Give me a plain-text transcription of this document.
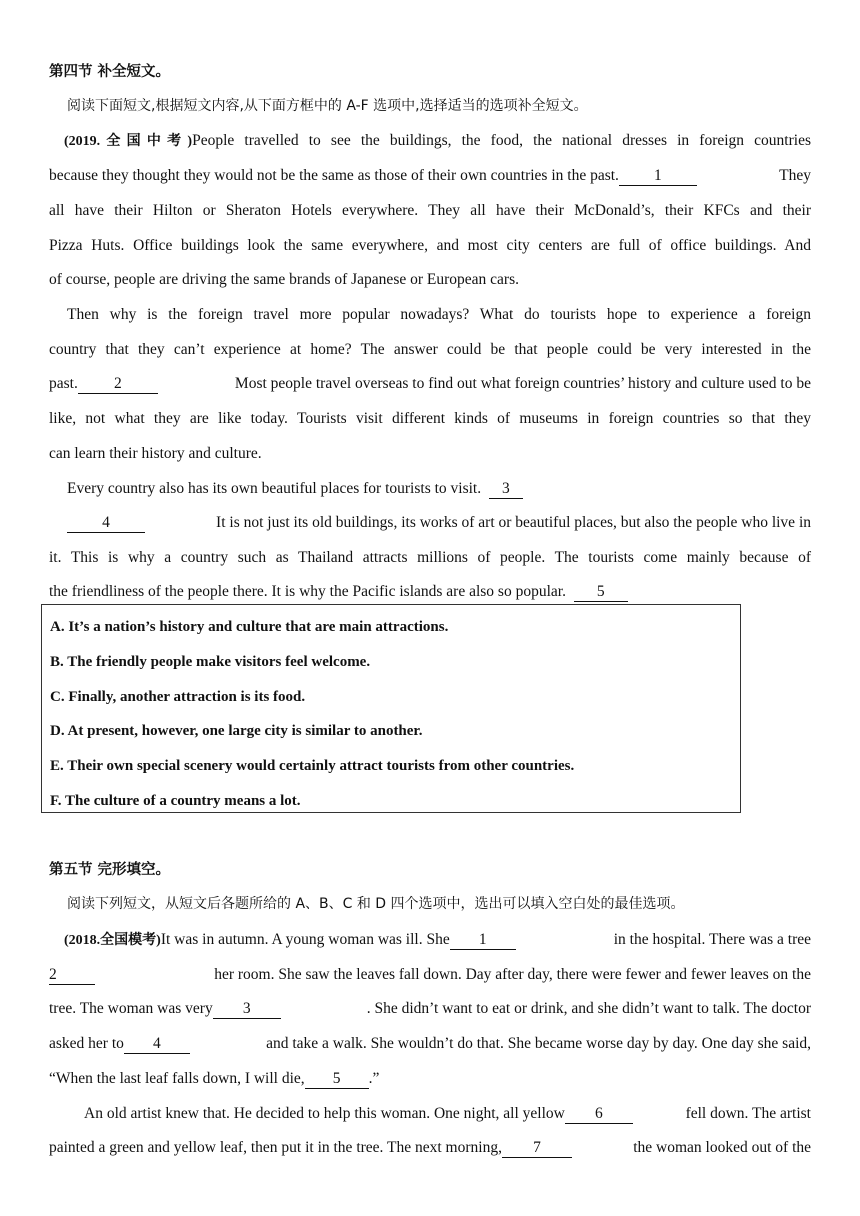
第四节 补全短文。
阅读下面短文,根据短文内容,从下面方框中的 A-F 选项中,选择适当的选项补全短文。
(2019.全国中考)People travelled to see the buildings, the food, the national dresses in foreign countries
because they thought they would not be the same as those of their own countries in the past. 1	They
all have their Hilton or Sheraton Hotels everywhere. They all have their McDonald’s, their KFCs and their
Pizza Huts. Office buildings look the same everywhere, and most city centers are full of office buildings. And
of course, people are driving the same brands of Japanese or European cars.
Then why is the foreign travel more popular nowadays? What do tourists hope to experience a foreign
country that they can’t experience at home? The answer could be that people could be very interested in the
past. 2	Most people travel overseas to find out what foreign countries’ history and culture used to be
like, not what they are like today. Tourists visit different kinds of museums in foreign countries so that they
can learn their history and culture.
Every country also has its own beautiful places for tourists to visit. 3
4	It is not just its old buildings, its works of art or beautiful places, but also the people who live in
it. This is why a country such as Thailand attracts millions of people. The tourists come mainly because of
the friendliness of the people there. It is why the Pacific islands are also so popular. 5
A. It’s a nation’s history and culture that are main attractions.
B. The friendly people make visitors feel welcome.
C. Finally, another attraction is its food.
D. At present, however, one large city is similar to another.
E. Their own special scenery would certainly attract tourists from other countries.
F. The culture of a country means a lot.
第五节 完形填空。
阅读下列短文，从短文后各题所给的 A、B、C 和 D 四个选项中，选出可以填入空白处的最佳选项。
(2018.全国模考)It was in autumn. A young woman was ill. She 1	in the hospital. There was a tree
2	her room. She saw the leaves fall down. Day after day, there were fewer and fewer leaves on the
tree. The woman was very 3	. She didn’t want to eat or drink, and she didn’t want to talk. The doctor
asked her to 4	and take a walk. She wouldn’t do that. She became worse day by day. One day she said,
“When the last leaf falls down, I will die, 5 .”
An old artist knew that. He decided to help this woman. One night, all yellow 6	fell down. The artist
painted a green and yellow leaf, then put it in the tree. The next morning, 7	the woman looked out of the
